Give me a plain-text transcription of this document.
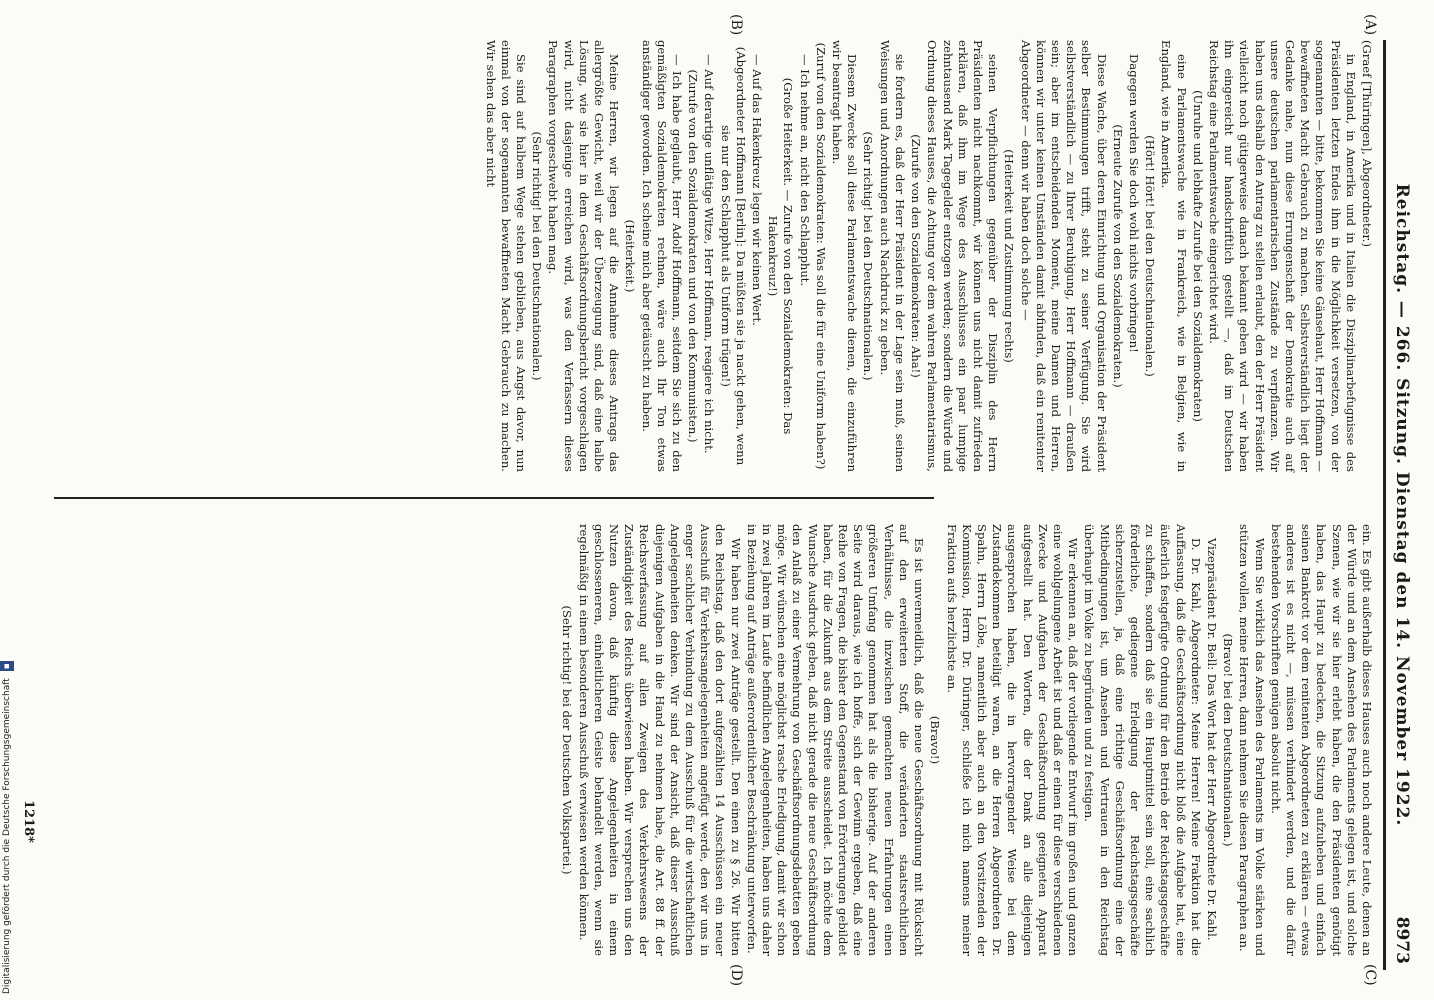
Reichstag. — 266. Sitzung. Dienstag den 14. November 1922.
8973
(A)
(B)
(C)
(D)

(Graef [Thüringen], Abgeordneter.)

in England, in Amerika und in Italien die Disziplinarbefugnisse des Präsidenten letzten Endes ihm in die Möglichkeit versetzen, von der sogenannten — bitte, bekommen Sie keine Gänsehaut, Herr Hoffmann — bewaffneten Macht Gebrauch zu machen. Selbstverständlich liegt der Gedanke nahe, nun diese Errungenschaft der Demokratie auch auf unsere deutschen parlamentarischen Zustände zu verpflanzen. Wir haben uns deshalb den Antrag zu stellen erlaubt, den der Herr Präsident vielleicht noch gütigerweise danach bekannt geben wird — wir haben ihn eingereicht nur handschriftlich gestellt —, daß im Deutschen Reichstag eine Parlamentswache eingerichtet wird.

(Unruhe und lebhafte Zurufe bei den Sozialdemokraten)

eine Parlamentswache wie in Frankreich, wie in Belgien, wie in England, wie in Amerika.

(Hört! Hört! bei den Deutschnationalen.)

Dagegen werden Sie doch wohl nichts vorbringen!

(Erneute Zurufe von den Sozialdemokraten.)

Diese Wache, über deren Einrichtung und Organisation der Präsident selber Bestimmungen trifft, steht zu seiner Verfügung. Sie wird selbstverständlich — zu Ihrer Beruhigung, Herr Hoffmann — draußen sein; aber im entscheidenden Moment, meine Damen und Herren, können wir unter keinen Umständen damit abfinden, daß ein renitenter Abgeordneter — denn wir haben doch solche —

(Heiterkeit und Zustimmung rechts)

seinen Verpflichtungen gegenüber der Disziplin des Herrn Präsidenten nicht nachkommt, wir können uns nicht damit zufrieden erklären, daß ihm im Wege des Ausschlusses ein paar lumpige zehntausend Mark Tagegelder entzogen werden; sondern die Würde und Ordnung dieses Hauses, die Achtung vor dem wahren Parlamentarismus,

(Zurufe von den Sozialdemokraten: Aha!)

sie fordern es, daß der Herr Präsident in der Lage sein muß, seinen Weisungen und Anordnungen auch Nachdruck zu geben.

(Sehr richtig! bei den Deutschnationalen.)

Diesem Zwecke soll diese Parlamentswache dienen, die einzuführen wir beantragt haben.

(Zuruf von den Sozialdemokraten: Was soll die für eine Uniform haben?)

— Ich nehme an, nicht den Schlapphut.

(Große Heiterkeit. — Zurufe von den Sozialdemokraten: Das Hakenkreuz!)

— Auf das Hakenkreuz legen wir keinen Wert.

(Abgeordneter Hoffmann [Berlin]: Da müßten sie ja nackt gehen, wenn sie nur den Schlapphut als Uniform trügen!)

— Auf derartige unflätige Witze, Herr Hoffmann, reagiere ich nicht.

(Zurufe von den Sozialdemokraten und von den Kommunisten.)

— Ich habe geglaubt, Herr Adolf Hoffmann, seitdem Sie sich zu den gemäßigten Sozialdemokraten rechnen, wäre auch Ihr Ton etwas anständiger geworden. Ich scheine mich aber getäuscht zu haben.

(Heiterkeit.)

Meine Herren, wir legen auf die Annahme dieses Antrags das allergrößte Gewicht, weil wir der Überzeugung sind, daß eine halbe Lösung, wie sie hier in dem Geschäftsordnungsbericht vorgeschlagen wird, nicht dasjenige erreichen wird, was den Verfassern dieses Paragraphen vorgeschwebt haben mag.

(Sehr richtig! bei den Deutschnationalen.)

Sie sind auf halbem Wege stehen geblieben, aus Angst davor, nun einmal von der sogenannten bewaffneten Macht Gebrauch zu machen. Wir sehen das aber nicht

ein. Es gibt außerhalb dieses Hauses auch noch andere Leute, denen an der Würde und an dem Ansehen des Parlaments gelegen ist, und solche Szenen, wie wir sie hier erlebt haben, die den Präsidenten genötigt haben, das Haupt zu bedecken, die Sitzung aufzuheben und einfach seinen Bankrott vor dem renitenten Abgeordneten zu erklären — etwas anderes ist es nicht —, müssen verhindert werden, und die dafür bestehenden Vorschriften genügen absolut nicht.

Wenn Sie wirklich das Ansehen des Parlaments im Volke stärken und stützen wollen, meine Herren, dann nehmen Sie diesen Paragraphen an.

(Bravo! bei den Deutschnationalen.)

Vizepräsident Dr. Bell: Das Wort hat der Herr Abgeordnete Dr. Kahl.

D. Dr. Kahl, Abgeordneter: Meine Herren! Meine Fraktion hat die Auffassung, daß die Geschäftsordnung nicht bloß die Aufgabe hat, eine äußerlich festgefügte Ordnung für den Betrieb der Reichstagsgeschäfte zu schaffen, sondern daß sie ein Hauptmittel sein soll, eine sachlich förderliche, gediegene Erledigung der Reichstagsgeschäfte sicherzustellen, ja, daß eine richtige Geschäftsordnung eine der Mitbedingungen ist, um Ansehen und Vertrauen in den Reichstag überhaupt im Volke zu begründen und zu festigen.

Wir erkennen an, daß der vorliegende Entwurf im großen und ganzen eine wohlgelungene Arbeit ist und daß er einen für diese verschiedenen Zwecke und Aufgaben der Geschäftsordnung geeigneten Apparat aufgestellt hat. Den Worten, die der Dank an alle diejenigen ausgesprochen haben, die in hervorragender Weise bei dem Zustandekommen beteiligt waren, an die Herren Abgeordneten Dr. Spahn, Herrn Löbe, namentlich aber auch an den Vorsitzenden der Kommission, Herrn Dr. Düringer, schließe ich mich namens meiner Fraktion aufs herzlichste an.

(Bravo!)

Es ist unvermeidlich, daß die neue Geschäftsordnung mit Rücksicht auf den erweiterten Stoff, die veränderten staatsrechtlichen Verhältnisse, die inzwischen gemachten neuen Erfahrungen einen größeren Umfang genommen hat als die bisherige. Auf der anderen Seite wird daraus, wie ich hoffe, sich der Gewinn ergeben, daß eine Reihe von Fragen, die bisher den Gegenstand von Erörterungen gebildet haben, für die Zukunft aus dem Streite ausscheidet. Ich möchte dem Wunsche Ausdruck geben, daß nicht gerade die neue Geschäftsordnung den Anlaß zu einer Vermehrung von Geschäftsordnungsdebatten geben möge. Wir wünschen eine möglichst rasche Erledigung, damit wir schon in zwei Jahren im Laufe befindlichen Angelegenheiten, haben uns daher in Beziehung auf Anträge außerordentlicher Beschränkung unterworfen.

Wir haben nur zwei Anträge gestellt. Den einen zu § 26. Wir bitten den Reichstag, daß den dort aufgezählten 14 Ausschüssen ein neuer Ausschuß für Verkehrsangelegenheiten angefügt werde, den wir uns in enger sachlicher Verbindung zu dem Ausschuß für die wirtschaftlichen Angelegenheiten denken. Wir sind der Ansicht, daß dieser Ausschuß diejenigen Aufgaben in die Hand zu nehmen habe, die Art. 88 ff. der Reichsverfassung auf allen Zweigen des Verkehrswesens der Zuständigkeit des Reichs überwiesen haben. Wir versprechen uns den Nutzen davon, daß künftig diese Angelegenheiten in einem geschlosseneren, einheitlicheren Geiste behandelt werden, wenn sie regelmäßig in einem besonderen Ausschuß verwiesen werden können.

(Sehr richtig! bei der Deutschen Volkspartei.)

1218*
Digitalisierung gefördert durch die Deutsche Forschungsgemeinschaft ▪
